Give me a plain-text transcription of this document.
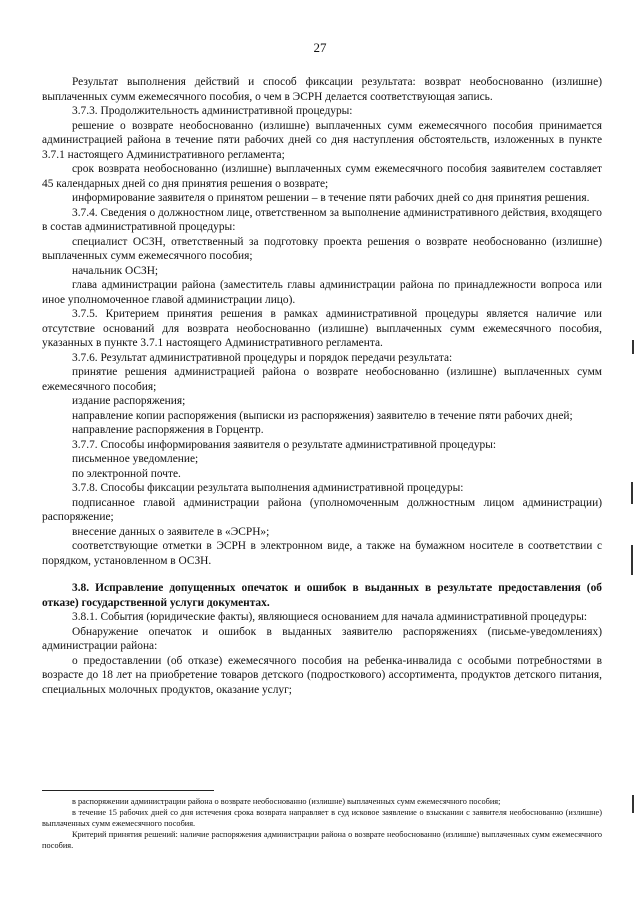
27

Результат выполнения действий и способ фиксации результата: возврат необоснованно (излишне) выплаченных сумм ежемесячного пособия, о чем в ЭСРН делается соответствующая запись.

3.7.3. Продолжительность административной процедуры:

решение о возврате необоснованно (излишне) выплаченных сумм ежемесячного пособия принимается администрацией района в течение пяти рабочих дней со дня наступления обстоятельств, изложенных в пункте 3.7.1 настоящего Административного регламента;

срок возврата необоснованно (излишне) выплаченных сумм ежемесячного пособия заявителем составляет 45 календарных дней со дня принятия решения о возврате;

информирование заявителя о принятом решении – в течение пяти рабочих дней со дня принятия решения.

3.7.4. Сведения о должностном лице, ответственном за выполнение административного действия, входящего в состав административной процедуры:

специалист ОСЗН, ответственный за подготовку проекта решения о возврате необоснованно (излишне) выплаченных сумм ежемесячного пособия;

начальник ОСЗН;

глава администрации района (заместитель главы администрации района по принадлежности вопроса или иное уполномоченное главой администрации лицо).

3.7.5. Критерием принятия решения в рамках административной процедуры является наличие или отсутствие оснований для возврата необоснованно (излишне) выплаченных сумм ежемесячного пособия, указанных в пункте 3.7.1 настоящего Административного регламента.

3.7.6. Результат административной процедуры и порядок передачи результата:

принятие решения администрацией района о возврате необоснованно (излишне) выплаченных сумм ежемесячного пособия;

издание распоряжения;

направление копии распоряжения (выписки из распоряжения) заявителю в течение пяти рабочих дней;

направление распоряжения в Горцентр.

3.7.7. Способы информирования заявителя о результате административной процедуры:

письменное уведомление;

по электронной почте.

3.7.8. Способы фиксации результата выполнения административной процедуры:

подписанное главой администрации района (уполномоченным должностным лицом администрации) распоряжение;

внесение данных о заявителе в «ЭСРН»;

соответствующие отметки в ЭСРН в электронном виде, а также на бумажном носителе в соответствии с порядком, установленном в ОСЗН.

3.8. Исправление допущенных опечаток и ошибок в выданных в результате предоставления (об отказе) государственной услуги документах.

3.8.1. События (юридические факты), являющиеся основанием для начала административной процедуры:

Обнаружение опечаток и ошибок в выданных заявителю распоряжениях (письме-уведомлениях) администрации района:

о предоставлении (об отказе) ежемесячного пособия на ребенка-инвалида с особыми потребностями в возрасте до 18 лет на приобретение товаров детского (подросткового) ассортимента, продуктов детского питания, специальных молочных продуктов, оказание услуг;

в распоряжении администрации района о возврате необоснованно (излишне) выплаченных сумм ежемесячного пособия;

в течение 15 рабочих дней со дня истечения срока возврата направляет в суд исковое заявление о взыскании с заявителя необоснованно (излишне) выплаченных сумм ежемесячного пособия.

Критерий принятия решений: наличие распоряжения администрации района о возврате необоснованно (излишне) выплаченных сумм ежемесячного пособия.
